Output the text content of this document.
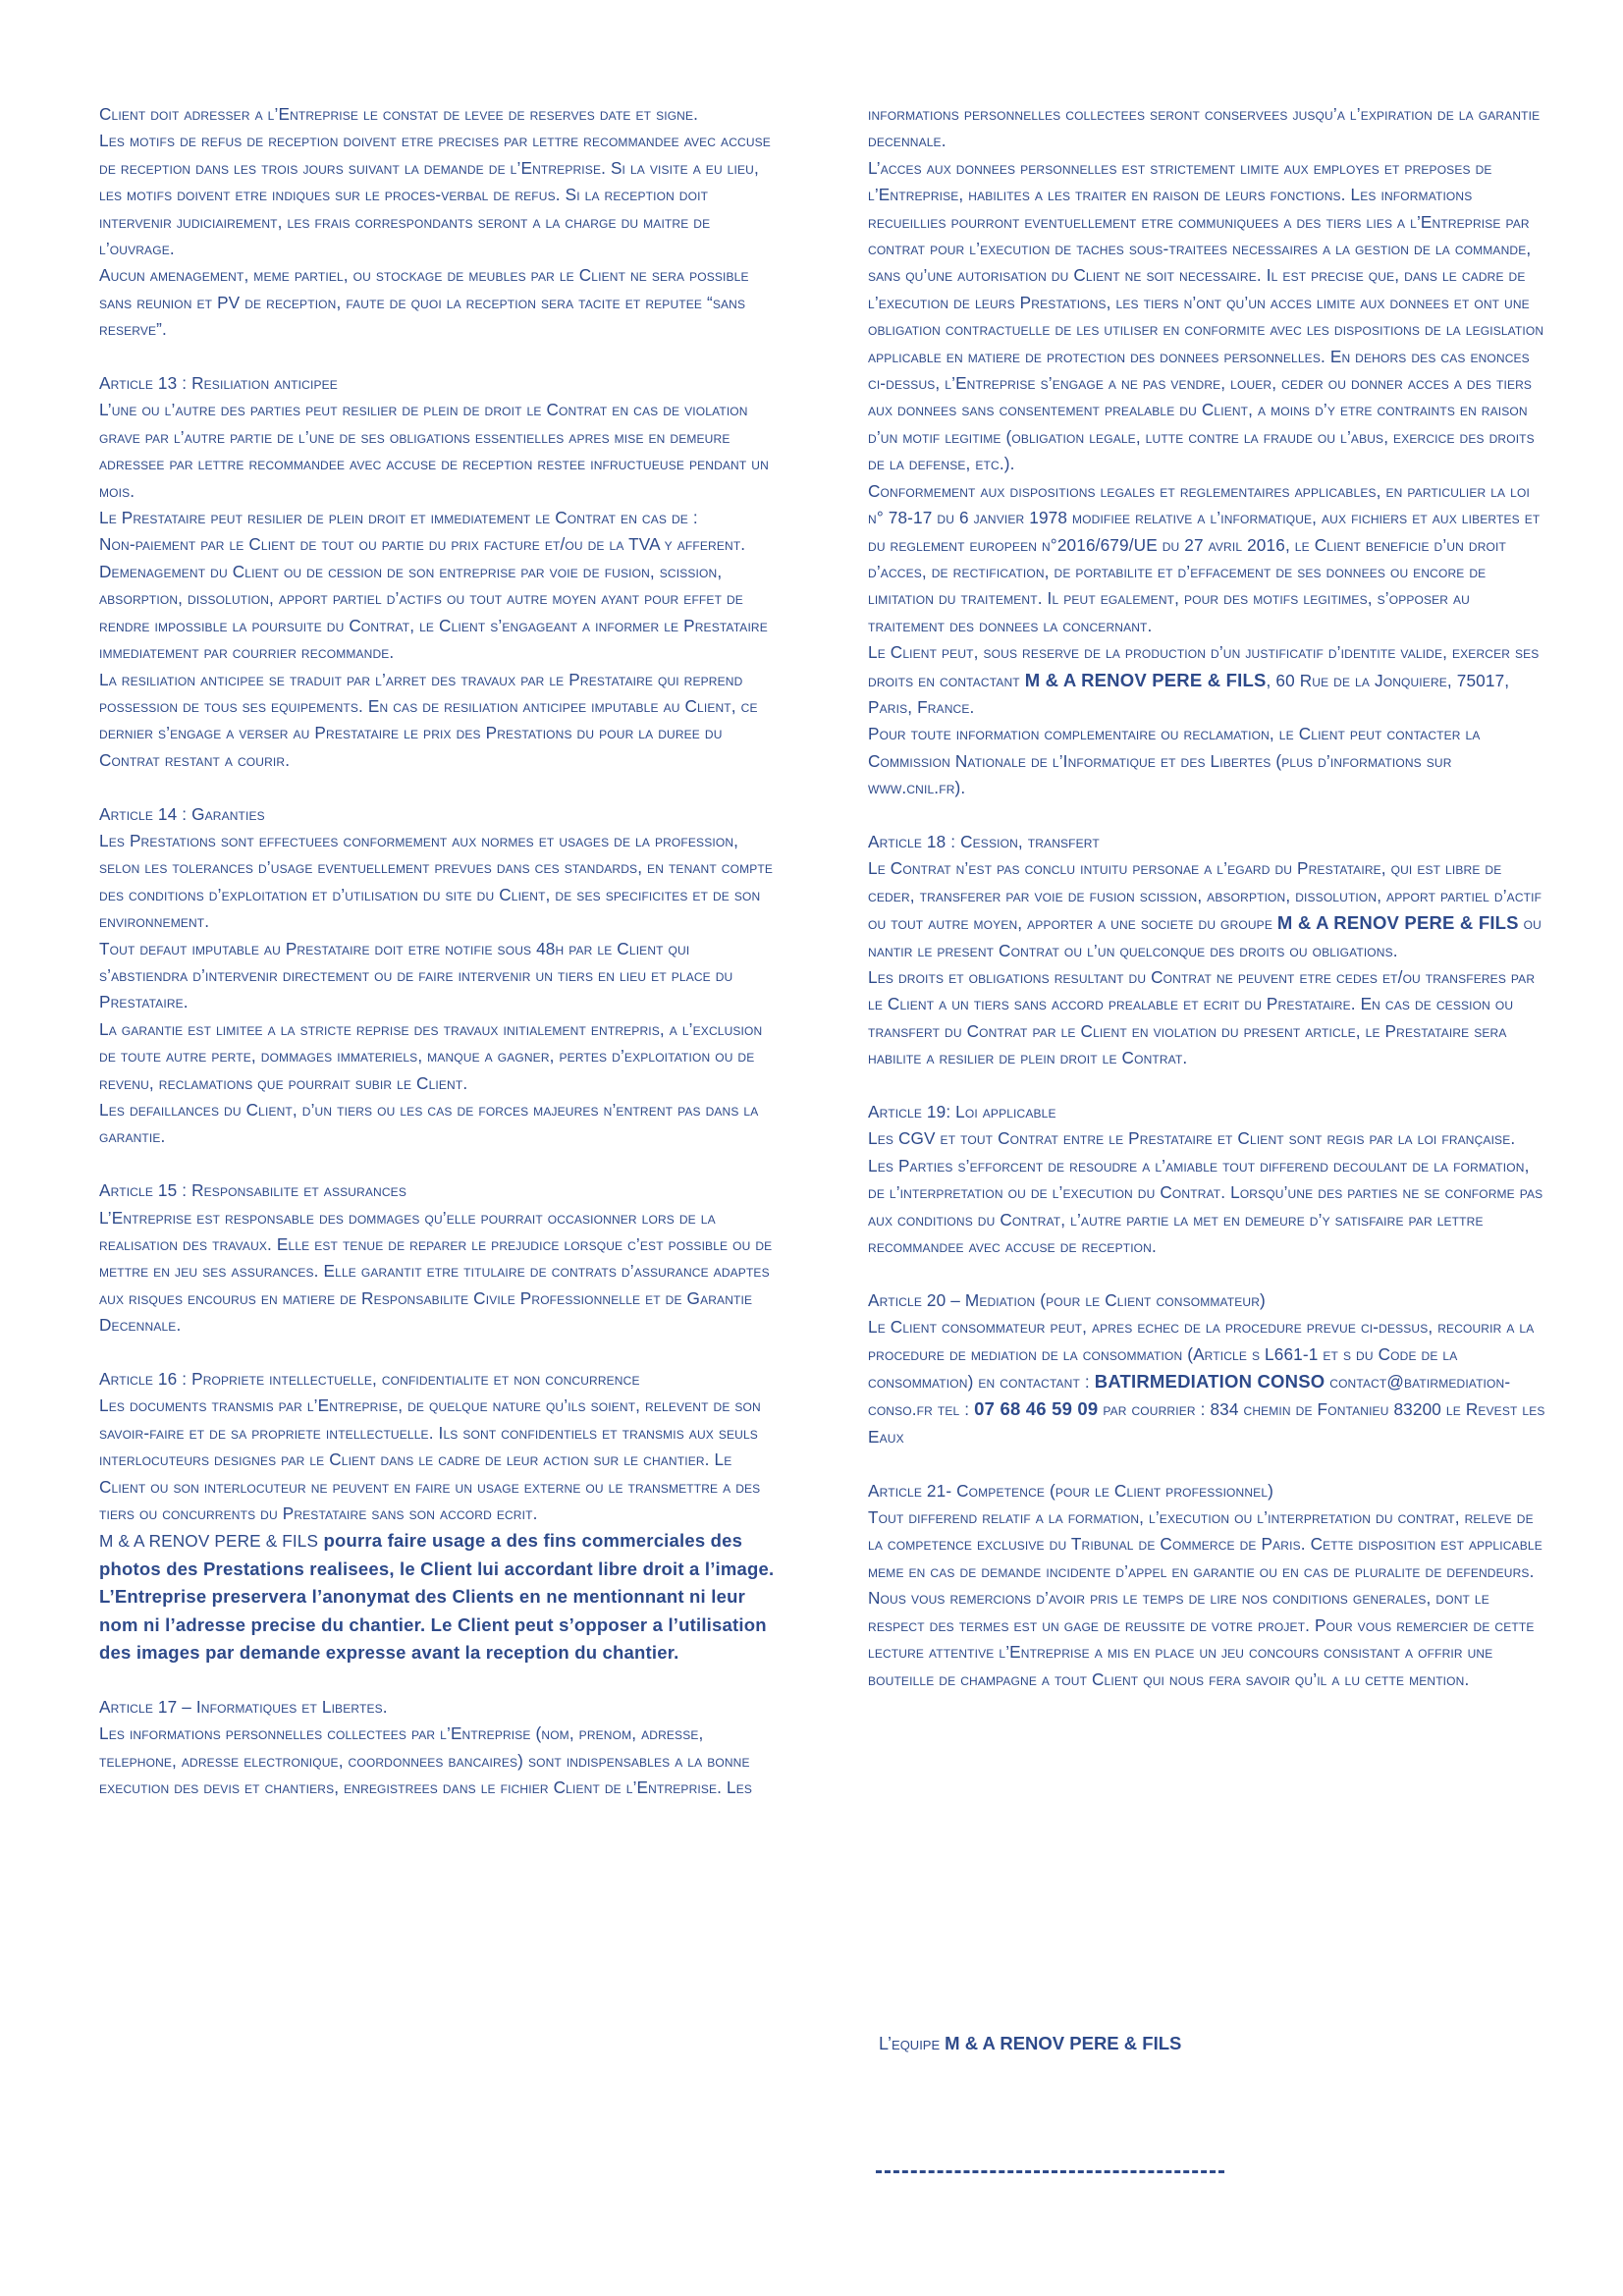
Client doit adresser a l’Entreprise le constat de levee de reserves date et signe.

Les motifs de refus de reception doivent etre precises par lettre recommandee avec accuse de reception dans les trois jours suivant la demande de l’Entreprise. Si la visite a eu lieu, les motifs doivent etre indiques sur le proces-verbal de refus. Si la reception doit intervenir judiciairement, les frais correspondants seront a la charge du maitre de l’ouvrage.

Aucun amenagement, meme partiel, ou stockage de meubles par le Client ne sera possible sans reunion et PV de reception, faute de quoi la reception sera tacite et reputee “sans reserve”.

Article 13 : Resiliation anticipee

L’une ou l’autre des parties peut resilier de plein de droit le Contrat en cas de violation grave par l’autre partie de l’une de ses obligations essentielles apres mise en demeure adressee par lettre recommandee avec accuse de reception restee infructueuse pendant un mois.

Le Prestataire peut resilier de plein droit et immediatement le Contrat en cas de :

Non-paiement par le Client de tout ou partie du prix facture et/ou de la TVA y afferent.

Demenagement du Client ou de cession de son entreprise par voie de fusion, scission, absorption, dissolution, apport partiel d’actifs ou tout autre moyen ayant pour effet de rendre impossible la poursuite du Contrat, le Client s’engageant a informer le Prestataire immediatement par courrier recommande.

La resiliation anticipee se traduit par l’arret des travaux par le Prestataire qui reprend possession de tous ses equipements. En cas de resiliation anticipee imputable au Client, ce dernier s’engage a verser au Prestataire le prix des Prestations du pour la duree du Contrat restant a courir.

Article 14 : Garanties

Les Prestations sont effectuees conformement aux normes et usages de la profession, selon les tolerances d’usage eventuellement prevues dans ces standards, en tenant compte des conditions d’exploitation et d’utilisation du site du Client, de ses specificites et de son environnement.

Tout defaut imputable au Prestataire doit etre notifie sous 48h par le Client qui s’abstiendra d’intervenir directement ou de faire intervenir un tiers en lieu et place du Prestataire.

La garantie est limitee a la stricte reprise des travaux initialement entrepris, a l’exclusion de toute autre perte, dommages immateriels, manque a gagner, pertes d’exploitation ou de revenu, reclamations que pourrait subir le Client.

Les defaillances du Client, d’un tiers ou les cas de forces majeures n’entrent pas dans la garantie.

Article 15 : Responsabilite et assurances

L’Entreprise est responsable des dommages qu’elle pourrait occasionner lors de la realisation des travaux. Elle est tenue de reparer le prejudice lorsque c’est possible ou de mettre en jeu ses assurances. Elle garantit etre titulaire de contrats d’assurance adaptes aux risques encourus en matiere de Responsabilite Civile Professionnelle et de Garantie Decennale.

Article 16 : Propriete intellectuelle, confidentialite et non concurrence

Les documents transmis par l’Entreprise, de quelque nature qu’ils soient, relevent de son savoir-faire et de sa propriete intellectuelle. Ils sont confidentiels et transmis aux seuls interlocuteurs designes par le Client dans le cadre de leur action sur le chantier. Le Client ou son interlocuteur ne peuvent en faire un usage externe ou le transmettre a des tiers ou concurrents du Prestataire sans son accord ecrit.

M & A RENOV PERE & FILS pourra faire usage a des fins commerciales des photos des Prestations realisees, le Client lui accordant libre droit a l’image. L’Entreprise preservera l’anonymat des Clients en ne mentionnant ni leur nom ni l’adresse precise du chantier. Le Client peut s’opposer a l’utilisation des images par demande expresse avant la reception du chantier.

Article 17 – Informatiques et Libertes.

Les informations personnelles collectees par l’Entreprise (nom, prenom, adresse, telephone, adresse electronique, coordonnees bancaires) sont indispensables a la bonne execution des devis et chantiers, enregistrees dans le fichier Client de l’Entreprise. Les

informations personnelles collectees seront conservees jusqu’a l’expiration de la garantie decennale.

L’acces aux donnees personnelles est strictement limite aux employes et preposes de l’Entreprise, habilites a les traiter en raison de leurs fonctions. Les informations recueillies pourront eventuellement etre communiquees a des tiers lies a l’Entreprise par contrat pour l’execution de taches sous-traitees necessaires a la gestion de la commande, sans qu’une autorisation du Client ne soit necessaire. Il est precise que, dans le cadre de l’execution de leurs Prestations, les tiers n’ont qu’un acces limite aux donnees et ont une obligation contractuelle de les utiliser en conformite avec les dispositions de la legislation applicable en matiere de protection des donnees personnelles. En dehors des cas enonces ci-dessus, l’Entreprise s’engage a ne pas vendre, louer, ceder ou donner acces a des tiers aux donnees sans consentement prealable du Client, a moins d’y etre contraints en raison d’un motif legitime (obligation legale, lutte contre la fraude ou l’abus, exercice des droits de la defense, etc.).

Conformement aux dispositions legales et reglementaires applicables, en particulier la loi n° 78-17 du 6 janvier 1978 modifiee relative a l’informatique, aux fichiers et aux libertes et du reglement europeen n°2016/679/UE du 27 avril 2016, le Client beneficie d’un droit d’acces, de rectification, de portabilite et d’effacement de ses donnees ou encore de limitation du traitement. Il peut egalement, pour des motifs legitimes, s’opposer au traitement des donnees la concernant.

Le Client peut, sous reserve de la production d’un justificatif d’identite valide, exercer ses droits en contactant M & A RENOV PERE & FILS, 60 Rue de la Jonquiere, 75017, Paris, France.

Pour toute information complementaire ou reclamation, le Client peut contacter la Commission Nationale de l’Informatique et des Libertes (plus d’informations sur www.cnil.fr).

Article 18 : Cession, transfert

Le Contrat n’est pas conclu intuitu personae a l’egard du Prestataire, qui est libre de ceder, transferer par voie de fusion scission, absorption, dissolution, apport partiel d’actif ou tout autre moyen, apporter a une societe du groupe M & A RENOV PERE & FILS ou nantir le present Contrat ou l’un quelconque des droits ou obligations.

Les droits et obligations resultant du Contrat ne peuvent etre cedes et/ou transferes par le Client a un tiers sans accord prealable et ecrit du Prestataire. En cas de cession ou transfert du Contrat par le Client en violation du present article, le Prestataire sera habilite a resilier de plein droit le Contrat.

Article 19: Loi applicable

Les CGV et tout Contrat entre le Prestataire et Client sont regis par la loi française.

Les Parties s’efforcent de resoudre a l’amiable tout differend decoulant de la formation, de l’interpretation ou de l’execution du Contrat. Lorsqu’une des parties ne se conforme pas aux conditions du Contrat, l’autre partie la met en demeure d’y satisfaire par lettre recommandee avec accuse de reception.

Article 20 – Mediation (pour le Client consommateur)

Le Client consommateur peut, apres echec de la procedure prevue ci-dessus, recourir a la procedure de mediation de la consommation (Article s L661-1 et s du Code de la consommation) en contactant : BATIRMEDIATION CONSO contact@batirmediation-conso.fr tel : 07 68 46 59 09 par courrier : 834 chemin de Fontanieu 83200 le Revest les Eaux

Article 21- Competence (pour le Client professionnel)

Tout differend relatif a la formation, l’execution ou l’interpretation du contrat, releve de la competence exclusive du Tribunal de Commerce de Paris. Cette disposition est applicable meme en cas de demande incidente d’appel en garantie ou en cas de pluralite de defendeurs.

Nous vous remercions d’avoir pris le temps de lire nos conditions generales, dont le respect des termes est un gage de reussite de votre projet. Pour vous remercier de cette lecture attentive l’Entreprise a mis en place un jeu concours consistant a offrir une bouteille de champagne a tout Client qui nous fera savoir qu’il a lu cette mention.

L’equipe M & A RENOV PERE & FILS
